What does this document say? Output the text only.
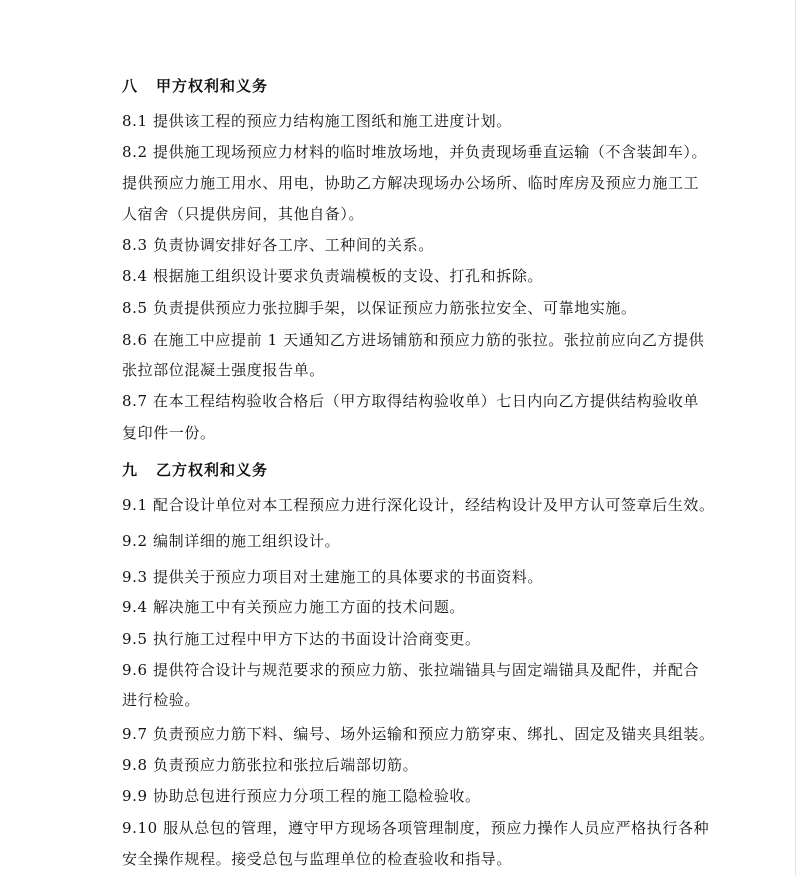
八 甲方权利和义务
8.1 提供该工程的预应力结构施工图纸和施工进度计划。
8.2 提供施工现场预应力材料的临时堆放场地，并负责现场垂直运输（不含装卸车）。
提供预应力施工用水、用电，协助乙方解决现场办公场所、临时库房及预应力施工工
人宿舍（只提供房间，其他自备）。
8.3 负责协调安排好各工序、工种间的关系。
8.4 根据施工组织设计要求负责端模板的支设、打孔和拆除。
8.5 负责提供预应力张拉脚手架，以保证预应力筋张拉安全、可靠地实施。
8.6 在施工中应提前 1 天通知乙方进场铺筋和预应力筋的张拉。张拉前应向乙方提供
张拉部位混凝土强度报告单。
8.7 在本工程结构验收合格后（甲方取得结构验收单）七日内向乙方提供结构验收单
复印件一份。
九 乙方权利和义务
9.1 配合设计单位对本工程预应力进行深化设计，经结构设计及甲方认可签章后生效。
9.2 编制详细的施工组织设计。
9.3 提供关于预应力项目对土建施工的具体要求的书面资料。
9.4 解决施工中有关预应力施工方面的技术问题。
9.5 执行施工过程中甲方下达的书面设计洽商变更。
9.6 提供符合设计与规范要求的预应力筋、张拉端锚具与固定端锚具及配件，并配合
进行检验。
9.7 负责预应力筋下料、编号、场外运输和预应力筋穿束、绑扎、固定及锚夹具组装。
9.8 负责预应力筋张拉和张拉后端部切筋。
9.9 协助总包进行预应力分项工程的施工隐检验收。
9.10 服从总包的管理，遵守甲方现场各项管理制度，预应力操作人员应严格执行各种
安全操作规程。接受总包与监理单位的检查验收和指导。
